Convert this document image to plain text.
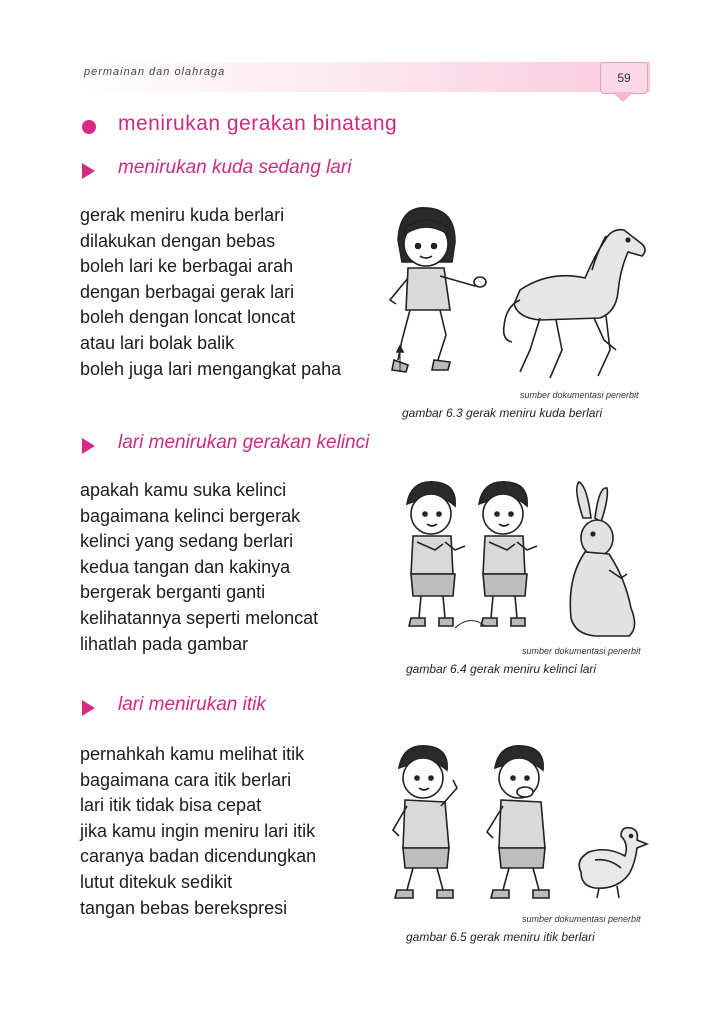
permainan dan olahraga	59
menirukan gerakan binatang
menirukan kuda sedang lari
gerak meniru kuda berlari
dilakukan dengan bebas
boleh lari ke berbagai arah
dengan berbagai gerak lari
boleh dengan loncat loncat
atau lari bolak balik
boleh juga lari mengangkat paha
sumber dokumentasi penerbit
gambar 6.3 gerak meniru kuda berlari
lari menirukan gerakan kelinci
apakah kamu suka kelinci
bagaimana kelinci bergerak
kelinci yang sedang berlari
kedua tangan dan kakinya
bergerak berganti ganti
kelihatannya seperti meloncat
lihatlah pada gambar	sumber dokumentasi penerbit
gambar 6.4 gerak meniru kelinci lari
lari menirukan itik
pernahkah kamu melihat itik
bagaimana cara itik berlari
lari itik tidak bisa cepat
jika kamu ingin meniru lari itik
caranya badan dicendungkan
lutut ditekuk sedikit
tangan bebas berekspresi
sumber dokumentasi penerbit
gambar 6.5 gerak meniru itik berlari
